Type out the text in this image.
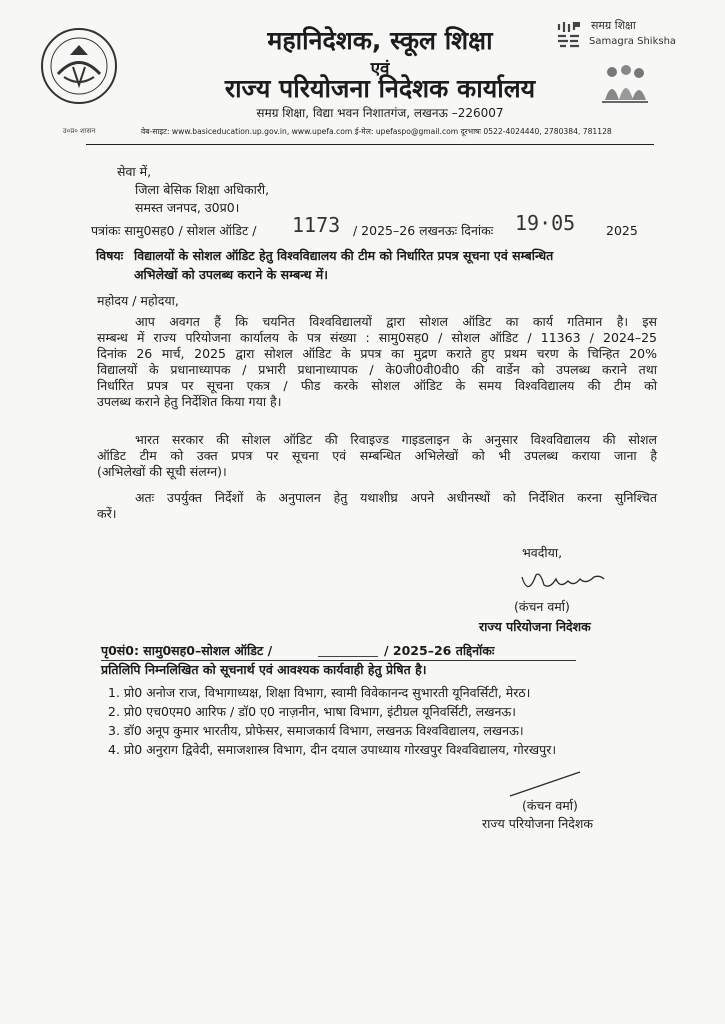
उ०प्र० शासन
महानिदेशक, स्कूल शिक्षा
एवं
राज्य परियोजना निदेशक कार्यालय
समग्र शिक्षा, विद्या भवन निशातगंज, लखनऊ –226007
वेब-साइट: www.basiceducation.up.gov.in, www.upefa.com ई-मेल: upefaspo@gmail.com दूरभाषः 0522-4024440, 2780384, 781128
समग्र शिक्षा
Samagra Shiksha
सेवा में,
जिला बेसिक शिक्षा अधिकारी,
समस्त जनपद, उ0प्र0।
पत्रांकः सामु0सह0 / सोशल ऑडिट / 1173 / 2025–26 लखनऊः दिनांकः 19·05 2025
विषयः विद्यालयों के सोशल ऑडिट हेतु विश्वविद्यालय की टीम को निर्धारित प्रपत्र सूचना एवं सम्बन्धित
अभिलेखों को उपलब्ध कराने के सम्बन्ध में।
महोदय / महोदया,
आप अवगत हैं कि चयनित विश्वविद्यालयों द्वारा सोशल ऑडिट का कार्य गतिमान है। इस
सम्बन्ध में राज्य परियोजना कार्यालय के पत्र संख्या : सामु0सह0 / सोशल ऑडिट / 11363 / 2024–25
दिनांक 26 मार्च, 2025 द्वारा सोशल ऑडिट के प्रपत्र का मुद्रण कराते हुए प्रथम चरण के चिन्हित 20%
विद्यालयों के प्रधानाध्यापक / प्रभारी प्रधानाध्यापक / के0जी0वी0वी0 की वार्डेन को उपलब्ध कराने तथा
निर्धारित प्रपत्र पर सूचना एकत्र / फीड करके सोशल ऑडिट के समय विश्वविद्यालय की टीम को
उपलब्ध कराने हेतु निर्देशित किया गया है।
भारत सरकार की सोशल ऑडिट की रिवाइज्ड गाइडलाइन के अनुसार विश्वविद्यालय की सोशल
ऑडिट टीम को उक्त प्रपत्र पर सूचना एवं सम्बन्धित अभिलेखों को भी उपलब्ध कराया जाना है
(अभिलेखों की सूची संलग्न)।
अतः उपर्युक्त निर्देशों के अनुपालन हेतु यथाशीघ्र अपने अधीनस्थों को निर्देशित करना सुनिश्चित
करें।
भवदीया,
(कंचन वर्मा)
राज्य परियोजना निदेशक
पृ0सं0: सामु0सह0–सोशल ऑडिट /	/ 2025–26 तद्दिनॉकः
प्रतिलिपि निम्नलिखित को सूचनार्थ एवं आवश्यक कार्यवाही हेतु प्रेषित है।
1. प्रो0 अनोज राज, विभागाध्यक्ष, शिक्षा विभाग, स्वामी विवेकानन्द सुभारती यूनिवर्सिटी, मेरठ।
2. प्रो0 एच0एम0 आरिफ / डॉ0 ए0 नाज़नीन, भाषा विभाग, इंटीग्रल यूनिवर्सिटी, लखनऊ।
3. डॉ0 अनूप कुमार भारतीय, प्रोफेसर, समाजकार्य विभाग, लखनऊ विश्वविद्यालय, लखनऊ।
4. प्रो0 अनुराग द्विवेदी, समाजशास्त्र विभाग, दीन दयाल उपाध्याय गोरखपुर विश्वविद्यालय, गोरखपुर।
(कंचन वर्मा)
राज्य परियोजना निदेशक
